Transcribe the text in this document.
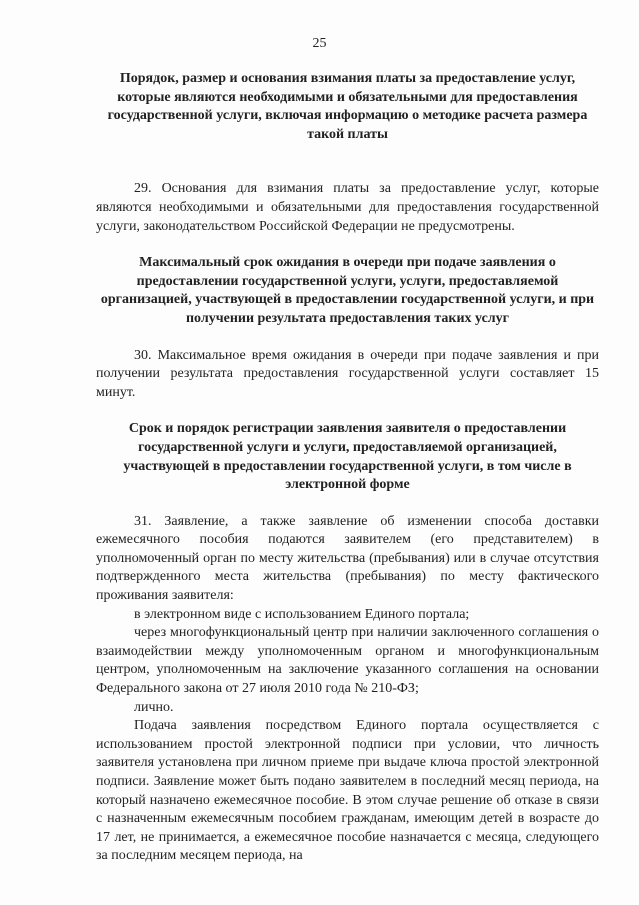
25

Порядок, размер и основания взимания платы за предоставление услуг, которые являются необходимыми и обязательными для предоставления государственной услуги, включая информацию о методике расчета размера такой платы

29. Основания для взимания платы за предоставление услуг, которые являются необходимыми и обязательными для предоставления государственной услуги, законодательством Российской Федерации не предусмотрены.

Максимальный срок ожидания в очереди при подаче заявления о предоставлении государственной услуги, услуги, предоставляемой организацией, участвующей в предоставлении государственной услуги, и при получении результата предоставления таких услуг

30. Максимальное время ожидания в очереди при подаче заявления и при получении результата предоставления государственной услуги составляет 15 минут.

Срок и порядок регистрации заявления заявителя о предоставлении государственной услуги и услуги, предоставляемой организацией, участвующей в предоставлении государственной услуги, в том числе в электронной форме

31. Заявление, а также заявление об изменении способа доставки ежемесячного пособия подаются заявителем (его представителем) в уполномоченный орган по месту жительства (пребывания) или в случае отсутствия подтвержденного места жительства (пребывания) по месту фактического проживания заявителя:

в электронном виде с использованием Единого портала;

через многофункциональный центр при наличии заключенного соглашения о взаимодействии между уполномоченным органом и многофункциональным центром, уполномоченным на заключение указанного соглашения на основании Федерального закона от 27 июля 2010 года № 210-ФЗ;

лично.

Подача заявления посредством Единого портала осуществляется с использованием простой электронной подписи при условии, что личность заявителя установлена при личном приеме при выдаче ключа простой электронной подписи. Заявление может быть подано заявителем в последний месяц периода, на который назначено ежемесячное пособие. В этом случае решение об отказе в связи с назначенным ежемесячным пособием гражданам, имеющим детей в возрасте до 17 лет, не принимается, а ежемесячное пособие назначается с месяца, следующего за последним месяцем периода, на
